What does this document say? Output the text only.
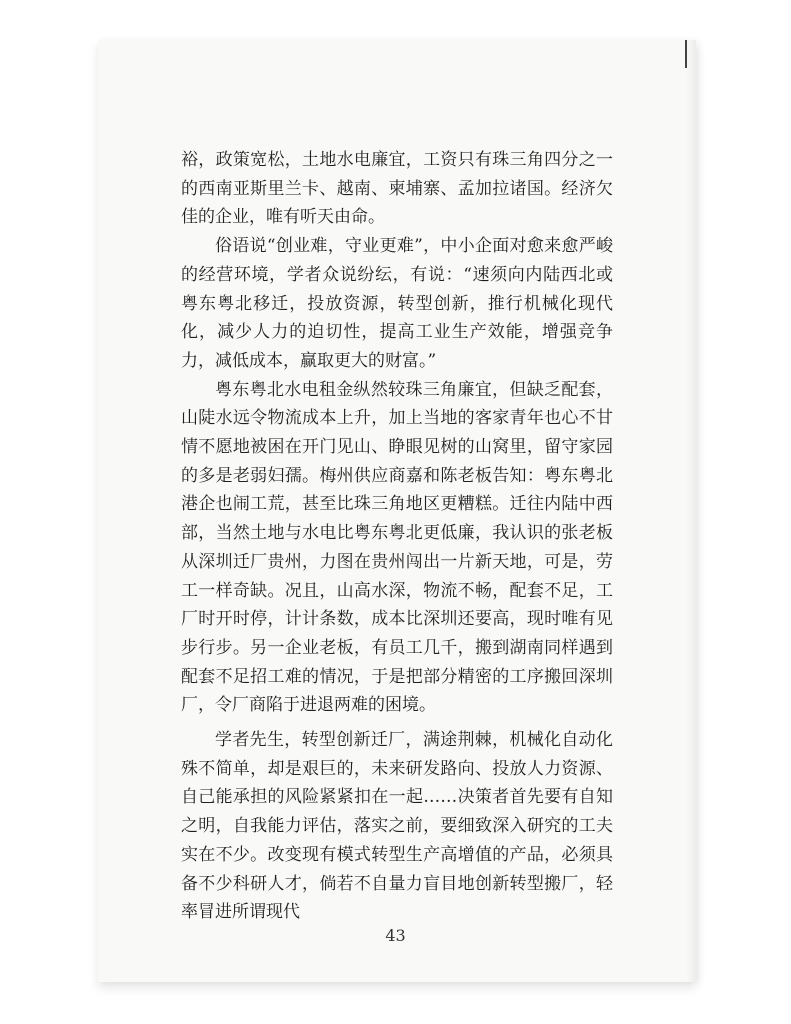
裕，政策宽松，土地水电廉宜，工资只有珠三角四分之一的西南亚斯里兰卡、越南、柬埔寨、孟加拉诸国。经济欠佳的企业，唯有听天由命。

俗语说“创业难，守业更难”，中小企面对愈来愈严峻的经营环境，学者众说纷纭，有说：“速须向内陆西北或粤东粤北移迁，投放资源，转型创新，推行机械化现代化，减少人力的迫切性，提高工业生产效能，增强竞争力，减低成本，赢取更大的财富。”

粤东粤北水电租金纵然较珠三角廉宜，但缺乏配套，山陡水远令物流成本上升，加上当地的客家青年也心不甘情不愿地被困在开门见山、睁眼见树的山窝里，留守家园的多是老弱妇孺。梅州供应商嘉和陈老板告知：粤东粤北港企也闹工荒，甚至比珠三角地区更糟糕。迁往内陆中西部，当然土地与水电比粤东粤北更低廉，我认识的张老板从深圳迁厂贵州，力图在贵州闯出一片新天地，可是，劳工一样奇缺。况且，山高水深，物流不畅，配套不足，工厂时开时停，计计条数，成本比深圳还要高，现时唯有见步行步。另一企业老板，有员工几千，搬到湖南同样遇到配套不足招工难的情况，于是把部分精密的工序搬回深圳厂，令厂商陷于进退两难的困境。

学者先生，转型创新迁厂，满途荆棘，机械化自动化殊不简单，却是艰巨的，未来研发路向、投放人力资源、自己能承担的风险紧紧扣在一起……决策者首先要有自知之明，自我能力评估，落实之前，要细致深入研究的工夫实在不少。改变现有模式转型生产高增值的产品，必须具备不少科研人才，倘若不自量力盲目地创新转型搬厂，轻率冒进所谓现代

43
